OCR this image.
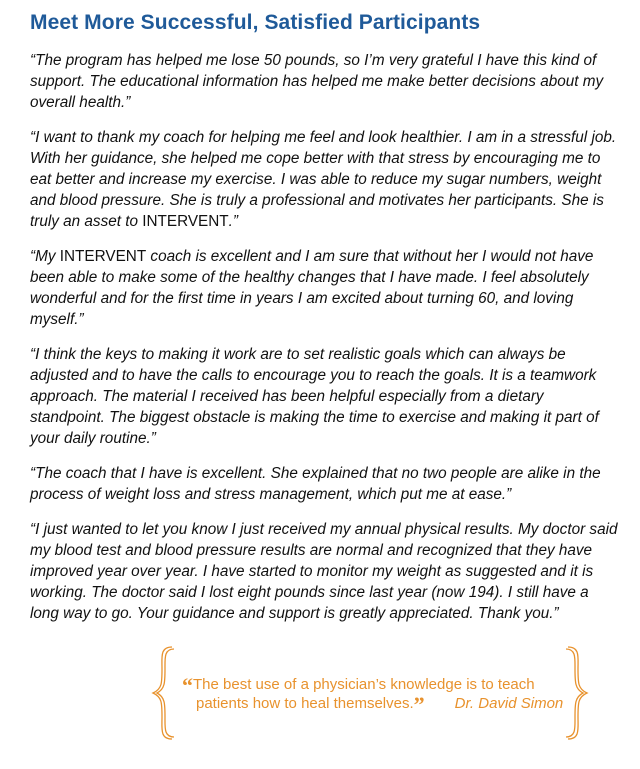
Meet More Successful, Satisfied Participants

“The program has helped me lose 50 pounds, so I’m very grateful I have this kind of support. The educational information has helped me make better decisions about my overall health.”

“I want to thank my coach for helping me feel and look healthier. I am in a stressful job. With her guidance, she helped me cope better with that stress by encouraging me to eat better and increase my exercise. I was able to reduce my sugar numbers, weight and blood pressure. She is truly a professional and motivates her participants. She is truly an asset to INTERVENT.”

“My INTERVENT coach is excellent and I am sure that without her I would not have been able to make some of the healthy changes that I have made. I feel absolutely wonderful and for the first time in years I am excited about turning 60, and loving myself.”

“I think the keys to making it work are to set realistic goals which can always be adjusted and to have the calls to encourage you to reach the goals. It is a teamwork approach. The material I received has been helpful especially from a dietary standpoint. The biggest obstacle is making the time to exercise and making it part of your daily routine.”

“The coach that I have is excellent. She explained that no two people are alike in the process of weight loss and stress management, which put me at ease.”

“I just wanted to let you know I just received my annual physical results. My doctor said my blood test and blood pressure results are normal and recognized that they have improved year over year. I have started to monitor my weight as suggested and it is working. The doctor said I lost eight pounds since last year (now 194). I still have a long way to go. Your guidance and support is greatly appreciated. Thank you.”

“The best use of a physician’s knowledge is to teach
patients how to heal themselves.” Dr. David Simon
